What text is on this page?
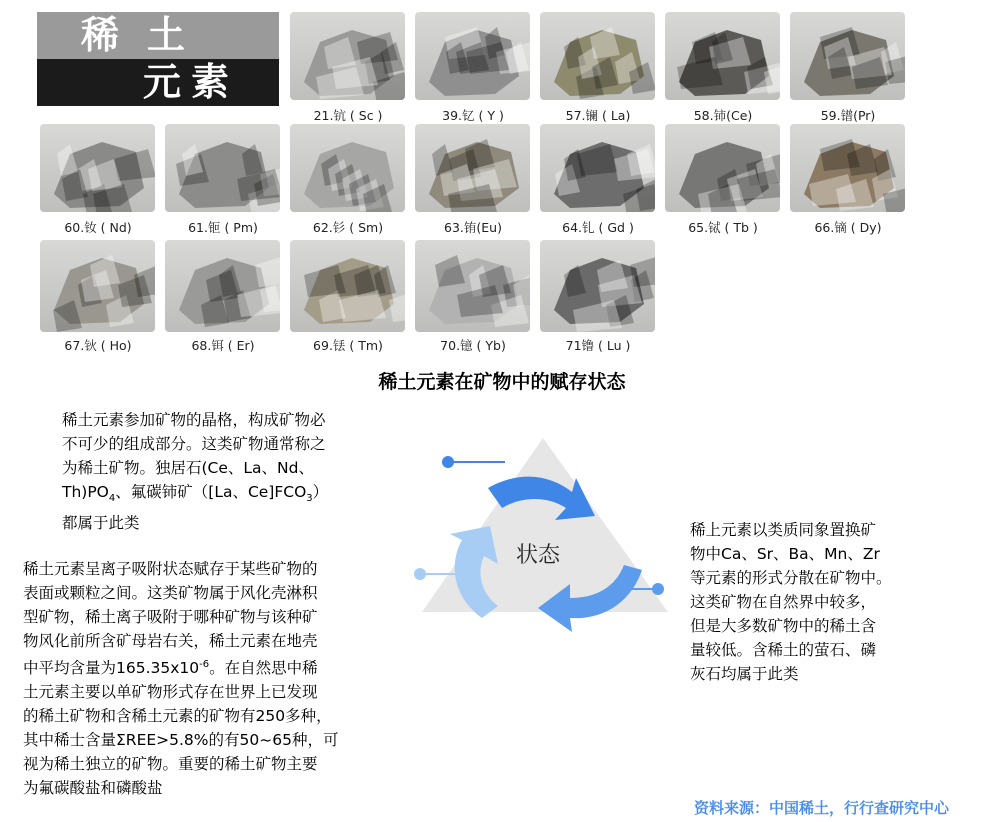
稀土
元素
21.钪 ( Sc )	39.钇 ( Y )	57.镧 ( La)	58.铈(Ce)	59.镨(Pr)
60.钕 ( Nd)	61.钷 ( Pm)	62.钐 ( Sm)	63.铕(Eu)	64.钆 ( Gd )	65.铽 ( Tb )	66.镝 ( Dy)
67.钬 ( Ho)	68.铒 ( Er)	69.铥 ( Tm)	70.镱 ( Yb)	71镥 ( Lu )
稀土元素在矿物中的赋存状态
稀土元素参加矿物的晶格，构成矿物必
不可少的组成部分。这类矿物通常称之
为稀土矿物。独居石(Ce、La、Nd、
$Th)PO_4$、氟碳铈矿（[La、$Ce]FCO_3$）
都属于此类
稀土元素呈离子吸附状态赋存于某些矿物的
表面或颗粒之间。这类矿物属于风化壳淋积
型矿物，稀土离子吸附于哪种矿物与该种矿
物风化前所含矿母岩右关，稀土元素在地壳
中平均含量为$165.35x10^{-6}$。在自然思中稀
土元素主要以单矿物形式存在世界上已发现
的稀土矿物和含稀土元素的矿物有250多种，
其中稀士含量ΣREE>5.8%的有50~65种，可
视为稀土独立的矿物。重要的稀土矿物主要
为氟碳酸盐和磷酸盐
稀上元素以类质同象置换矿
物中Ca、Sr、Ba、Mn、Zr
等元素的形式分散在矿物中。
这类矿物在自然界中较多，
但是大多数矿物中的稀土含
量较低。含稀土的萤石、磷
灰石均属于此类
状态
资料来源：中国稀土，行行查研究中心
